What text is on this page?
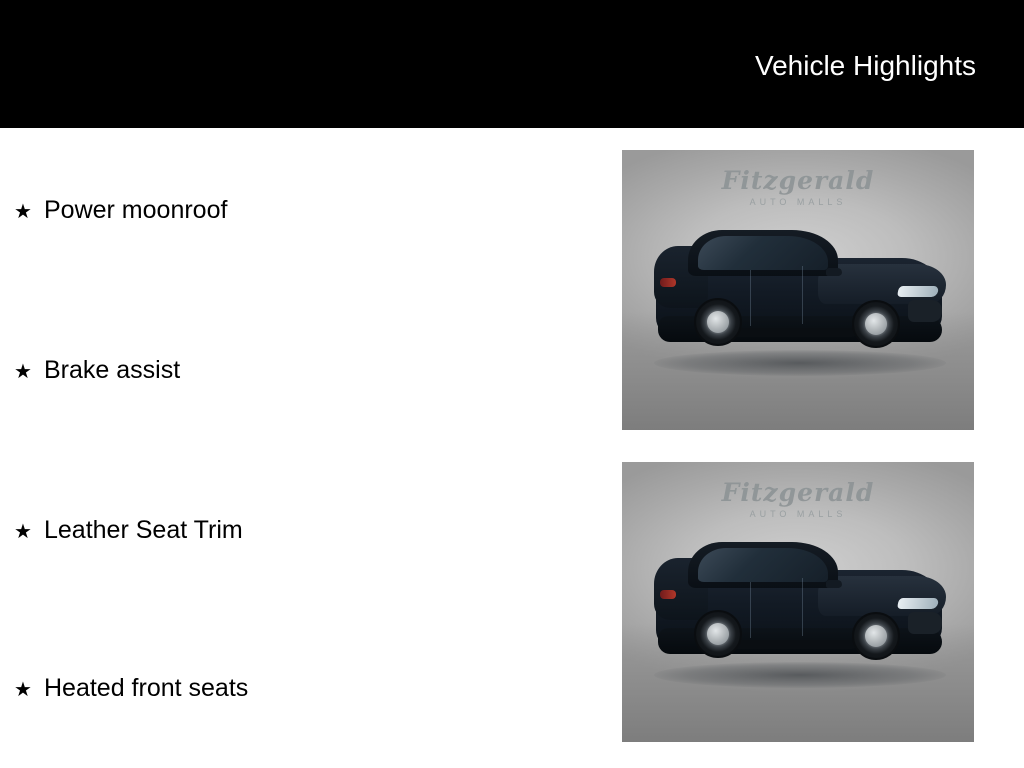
Vehicle Highlights
★ Power moonroof
★ Brake assist
★ Leather Seat Trim
★ Heated front seats
Fitzgerald
AUTO MALLS
Fitzgerald
AUTO MALLS
